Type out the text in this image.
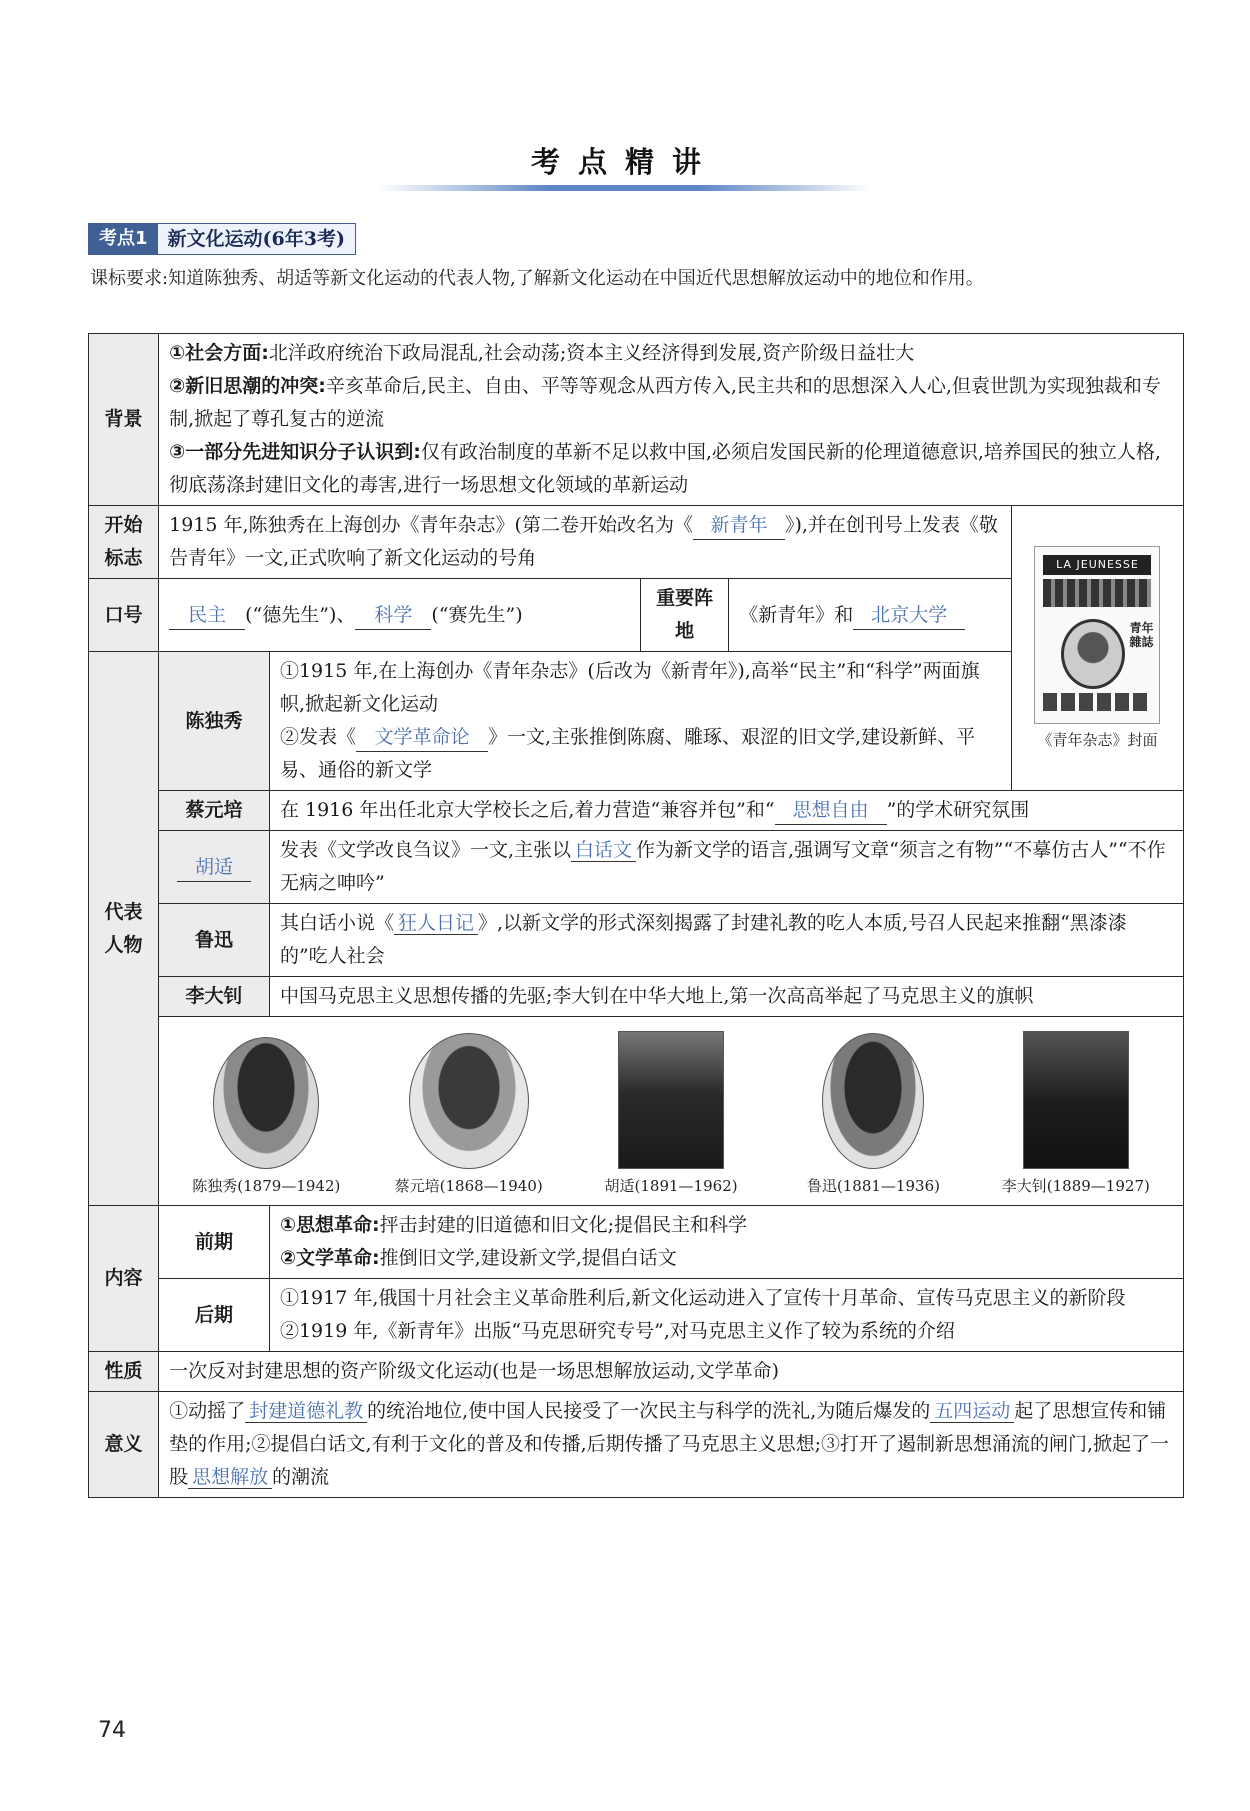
考点精讲
考点1	新文化运动(6年3考)
课标要求:知道陈独秀、胡适等新文化运动的代表人物,了解新文化运动在中国近代思想解放运动中的地位和作用。
背景	①社会方面:北洋政府统治下政局混乱,社会动荡;资本主义经济得到发展,资产阶级日益壮大
②新旧思潮的冲突:辛亥革命后,民主、自由、平等等观念从西方传入,民主共和的思想深入人心,但袁世凯为实现独裁和专制,掀起了尊孔复古的逆流
③一部分先进知识分子认识到:仅有政治制度的革新不足以救中国,必须启发国民新的伦理道德意识,培养国民的独立人格,彻底荡涤封建旧文化的毒害,进行一场思想文化领域的革新运动				

开始标志	1915 年,陈独秀在上海创办《青年杂志》(第二卷开始改名为《 新青年 》),并在创刊号上发表《敬告青年》一文,正式吹响了新文化运动的号角				LA JEUNESSE
青年雜誌
《青年杂志》封面

口号	民主 (“德先生”)、 科学 (“赛先生”)		重要阵地	《新青年》和 北京大学	
代表人物	陈独秀	①1915 年,在上海创办《青年杂志》(后改为《新青年》),高举“民主”和“科学”两面旗帜,掀起新文化运动
②发表《 文学革命论 》一文,主张推倒陈腐、雕琢、艰涩的旧文学,建设新鲜、平易、通俗的新文学			

	蔡元培	在 1916 年出任北京大学校长之后,着力营造“兼容并包”和“ 思想自由 ”的学术研究氛围			
	胡适	发表《文学改良刍议》一文,主张以 白话文 作为新文学的语言,强调写文章“须言之有物”“不摹仿古人”“不作无病之呻吟”			
	鲁迅	其白话小说《 狂人日记 》,以新文学的形式深刻揭露了封建礼教的吃人本质,号召人民起来推翻“黑漆漆的”吃人社会			
	李大钊	中国马克思主义思想传播的先驱;李大钊在中华大地上,第一次高高举起了马克思主义的旗帜			

	陈独秀(1879—1942) 蔡元培(1868—1940) 胡适(1891—1962) 鲁迅(1881—1936) 李大钊(1889—1927)				

内容	前期	①思想革命:抨击封建的旧道德和旧文化;提倡民主和科学
②文学革命:推倒旧文学,建设新文学,提倡白话文			

	后期	①1917 年,俄国十月社会主义革命胜利后,新文化运动进入了宣传十月革命、宣传马克思主义的新阶段
②1919 年,《新青年》出版“马克思研究专号”,对马克思主义作了较为系统的介绍			

性质	一次反对封建思想的资产阶级文化运动(也是一场思想解放运动,文学革命)				
意义	①动摇了 封建道德礼教 的统治地位,使中国人民接受了一次民主与科学的洗礼,为随后爆发的 五四运动 起了思想宣传和铺垫的作用;②提倡白话文,有利于文化的普及和传播,后期传播了马克思主义思想;③打开了遏制新思想涌流的闸门,掀起了一股 思想解放 的潮流				
74
